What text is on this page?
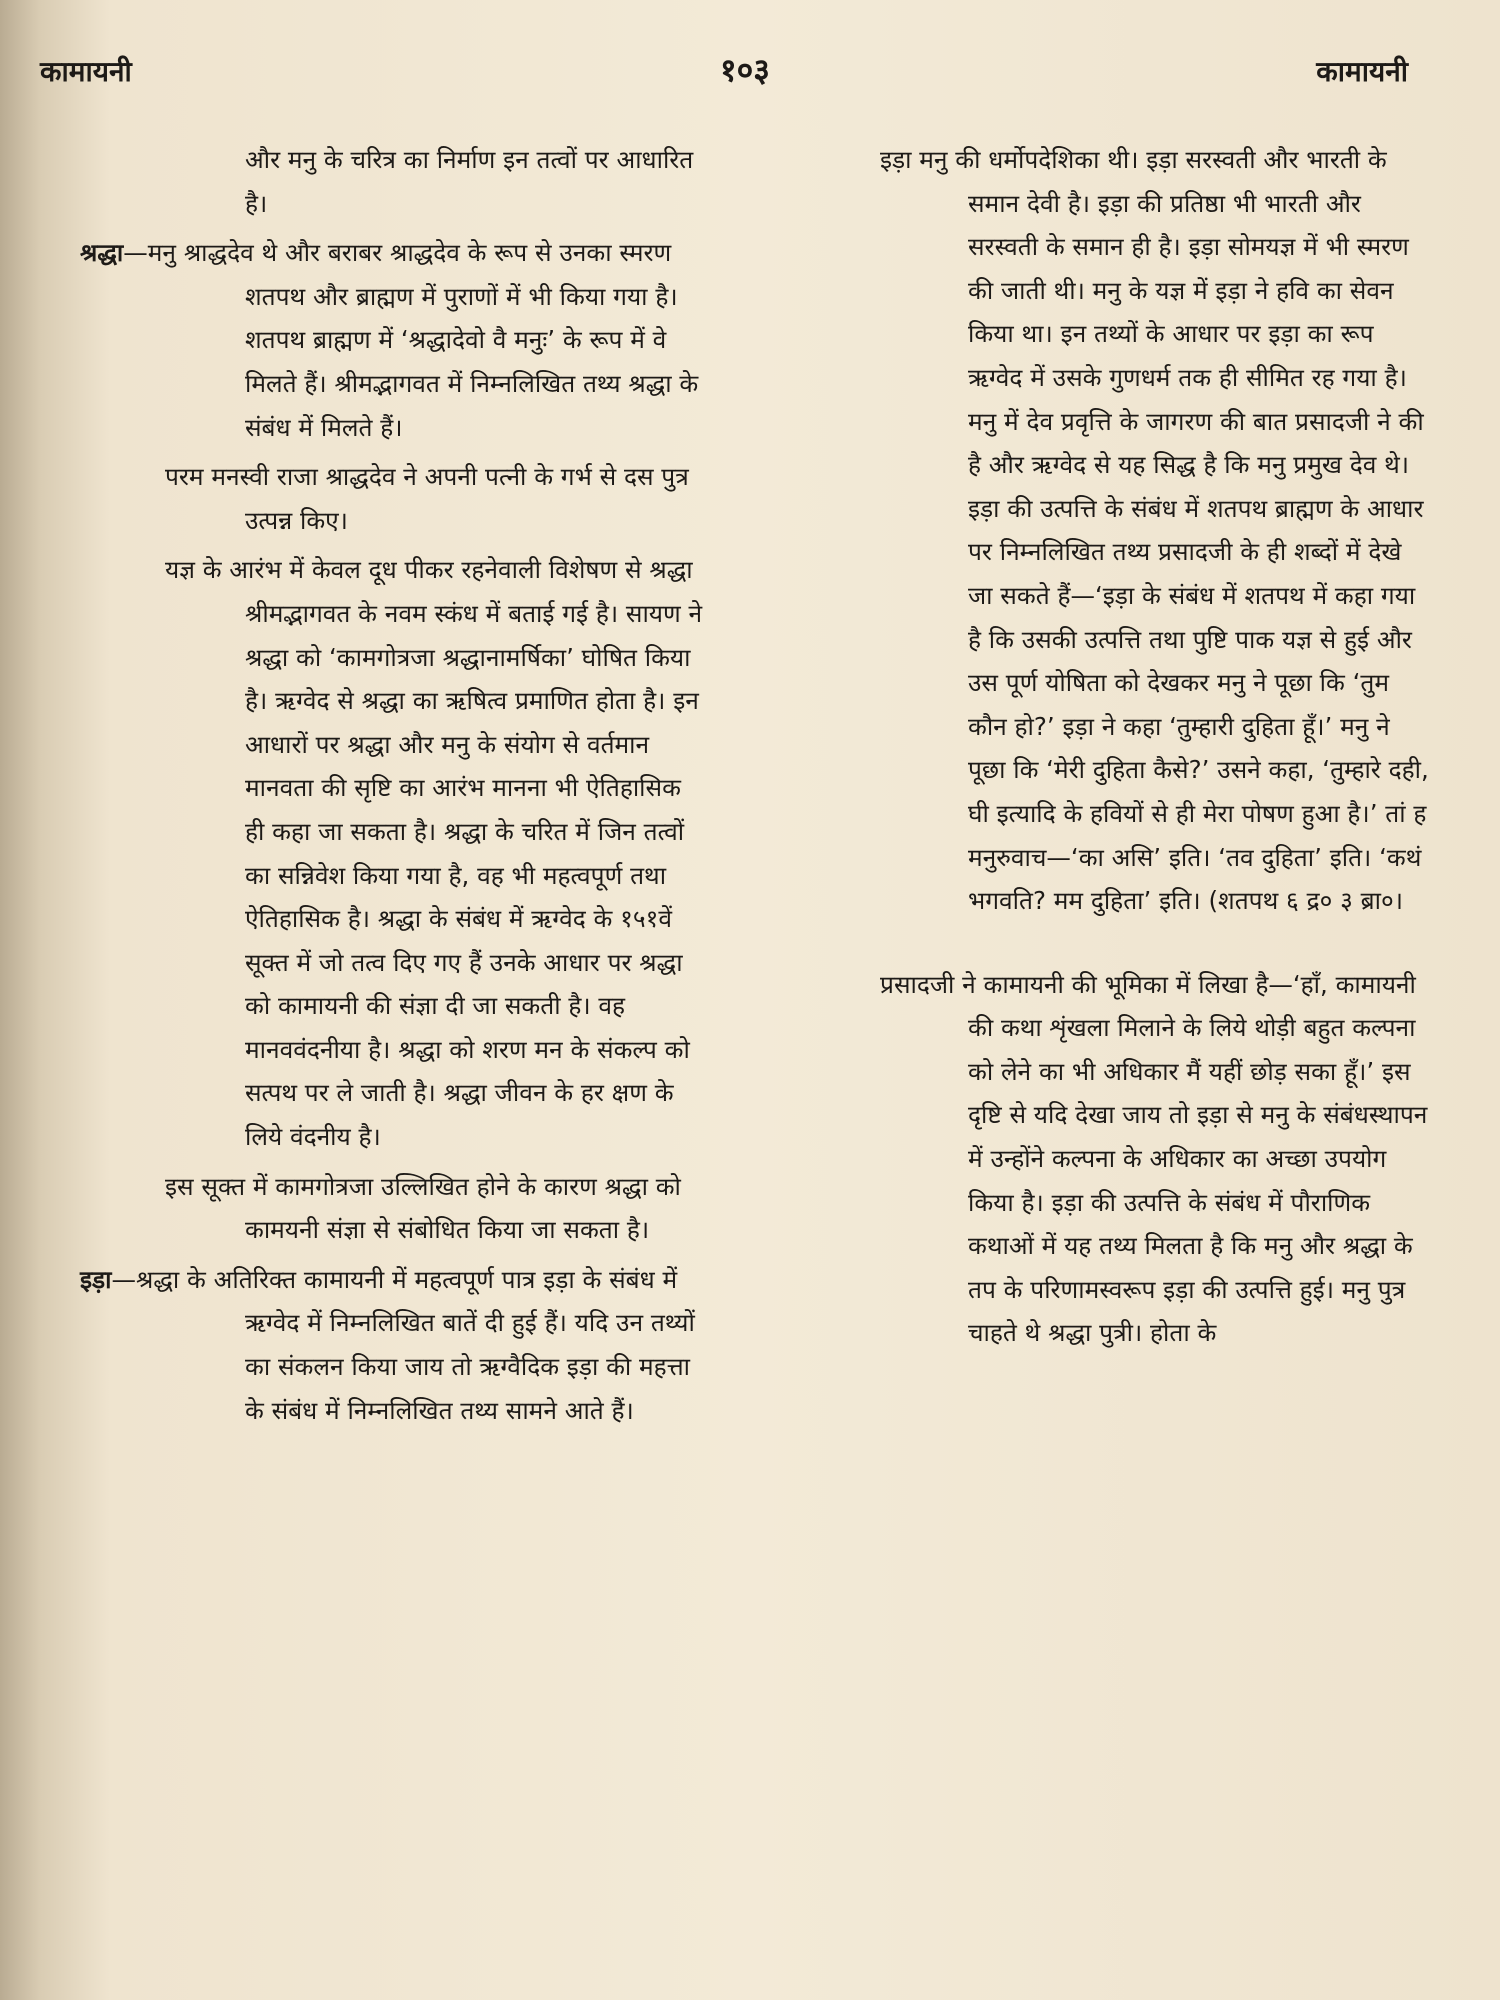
कामायनी	१०३	कामायनी

और मनु के चरित्र का निर्माण इन तत्वों पर आधारित है।

श्रद्धा—मनु श्राद्धदेव थे और बराबर श्राद्धदेव के रूप से उनका स्मरण शतपथ और ब्राह्मण में पुराणों में भी किया गया है। शतपथ ब्राह्मण में ‘श्रद्धादेवो वै मनुः’ के रूप में वे मिलते हैं। श्रीमद्भागवत में निम्नलिखित तथ्य श्रद्धा के संबंध में मिलते हैं।

परम मनस्वी राजा श्राद्धदेव ने अपनी पत्नी के गर्भ से दस पुत्र उत्पन्न किए।

यज्ञ के आरंभ में केवल दूध पीकर रहनेवाली विशेषण से श्रद्धा श्रीमद्भागवत के नवम स्कंध में बताई गई है। सायण ने श्रद्धा को ‘कामगोत्रजा श्रद्धानामर्षिका’ घोषित किया है। ऋग्वेद से श्रद्धा का ऋषित्व प्रमाणित होता है। इन आधारों पर श्रद्धा और मनु के संयोग से वर्तमान मानवता की सृष्टि का आरंभ मानना भी ऐतिहासिक ही कहा जा सकता है। श्रद्धा के चरित में जिन तत्वों का सन्निवेश किया गया है, वह भी महत्वपूर्ण तथा ऐतिहासिक है। श्रद्धा के संबंध में ऋग्वेद के १५१वें सूक्त में जो तत्व दिए गए हैं उनके आधार पर श्रद्धा को कामायनी की संज्ञा दी जा सकती है। वह मानववंदनीया है। श्रद्धा को शरण मन के संकल्प को सत्पथ पर ले जाती है। श्रद्धा जीवन के हर क्षण के लिये वंदनीय है।

इस सूक्त में कामगोत्रजा उल्लिखित होने के कारण श्रद्धा को कामयनी संज्ञा से संबोधित किया जा सकता है।

इड़ा—श्रद्धा के अतिरिक्त कामायनी में महत्वपूर्ण पात्र इड़ा के संबंध में ऋग्वेद में निम्नलिखित बातें दी हुई हैं। यदि उन तथ्यों का संकलन किया जाय तो ऋग्वैदिक इड़ा की महत्ता के संबंध में निम्नलिखित तथ्य सामने आते हैं।

इड़ा मनु की धर्मोपदेशिका थी। इड़ा सरस्वती और भारती के समान देवी है। इड़ा की प्रतिष्ठा भी भारती और सरस्वती के समान ही है। इड़ा सोमयज्ञ में भी स्मरण की जाती थी। मनु के यज्ञ में इड़ा ने हवि का सेवन किया था। इन तथ्यों के आधार पर इड़ा का रूप ऋग्वेद में उसके गुणधर्म तक ही सीमित रह गया है। मनु में देव प्रवृत्ति के जागरण की बात प्रसादजी ने की है और ऋग्वेद से यह सिद्ध है कि मनु प्रमुख देव थे। इड़ा की उत्पत्ति के संबंध में शतपथ ब्राह्मण के आधार पर निम्नलिखित तथ्य प्रसादजी के ही शब्दों में देखे जा सकते हैं—‘इड़ा के संबंध में शतपथ में कहा गया है कि उसकी उत्पत्ति तथा पुष्टि पाक यज्ञ से हुई और उस पूर्ण योषिता को देखकर मनु ने पूछा कि ‘तुम कौन हो?’ इड़ा ने कहा ‘तुम्हारी दुहिता हूँ।’ मनु ने पूछा कि ‘मेरी दुहिता कैसे?’ उसने कहा, ‘तुम्हारे दही, घी इत्यादि के हवियों से ही मेरा पोषण हुआ है।’ तां ह मनुरुवाच—‘का असि’ इति। ‘तव दुहिता’ इति। ‘कथं भगवति? मम दुहिता’ इति। (शतपथ ६ द्र० ३ ब्रा०।

प्रसादजी ने कामायनी की भूमिका में लिखा है—‘हाँ, कामायनी की कथा शृंखला मिलाने के लिये थोड़ी बहुत कल्पना को लेने का भी अधिकार मैं यहीं छोड़ सका हूँ।’ इस दृष्टि से यदि देखा जाय तो इड़ा से मनु के संबंधस्थापन में उन्होंने कल्पना के अधिकार का अच्छा उपयोग किया है। इड़ा की उत्पत्ति के संबंध में पौराणिक कथाओं में यह तथ्य मिलता है कि मनु और श्रद्धा के तप के परिणामस्वरूप इड़ा की उत्पत्ति हुई। मनु पुत्र चाहते थे श्रद्धा पुत्री। होता के
